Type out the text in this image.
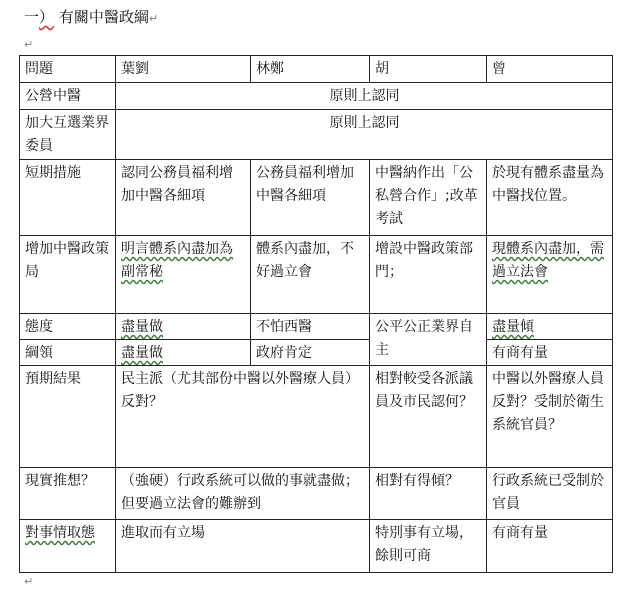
一） 有關中醫政綱↵
↵
問題	葉劉	林鄭	胡	曾
公營中醫	原則上認同			
加大互選業界委員	原則上認同			
短期措施	認同公務員福利增加中醫各細項	公務員福利增加中醫各細項	中醫納作出「公私營合作」;改革考試	於現有體系盡量為中醫找位置。
增加中醫政策局	明言體系內盡加為副常秘	體系內盡加，不好過立會	增設中醫政策部門；	現體系內盡加，需過立法會
態度	盡量做	不怕西醫	公平公正業界自主	盡量傾
綱領	盡量做	政府肯定		有商有量
預期結果	民主派（尤其部份中醫以外醫療人員）反對？		相對較受各派議員及市民認何？	中醫以外醫療人員反對？受制於衛生系統官員？
現實推想？	（強硬）行政系統可以做的事就盡做；但要過立法會的難辦到		相對有得傾？	行政系統已受制於官員
對事情取態	進取而有立場		特別事有立場，餘則可商	有商有量
↵
